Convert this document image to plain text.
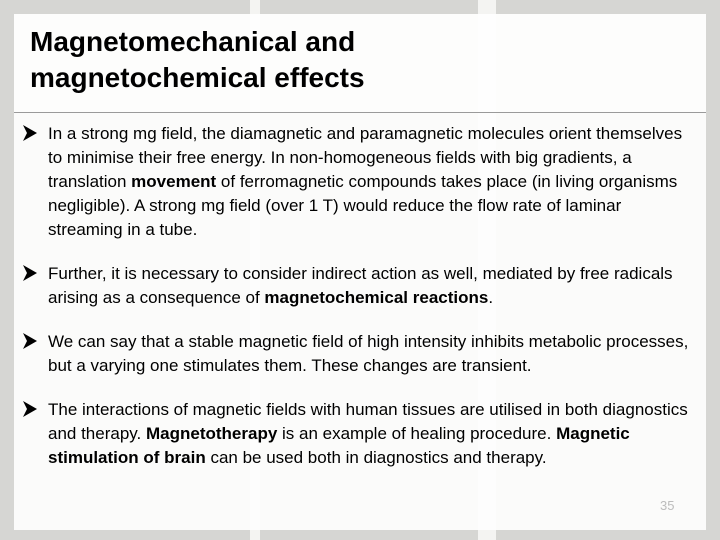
Magnetomechanical and
magnetochemical effects

In a strong mg field, the diamagnetic and paramagnetic molecules orient themselves to minimise their free energy. In non-homogeneous fields with big gradients, a translation movement of ferromagnetic compounds takes place (in living organisms negligible). A strong mg field (over 1 T) would reduce the flow rate of laminar streaming in a tube.

Further, it is necessary to consider indirect action as well, mediated by free radicals arising as a consequence of magnetochemical reactions.

We can say that a stable magnetic field of high intensity inhibits metabolic processes, but a varying one stimulates them. These changes are transient.

The interactions of magnetic fields with human tissues are utilised in both diagnostics and therapy. Magnetotherapy is an example of healing procedure. Magnetic stimulation of brain can be used both in diagnostics and therapy.

35
